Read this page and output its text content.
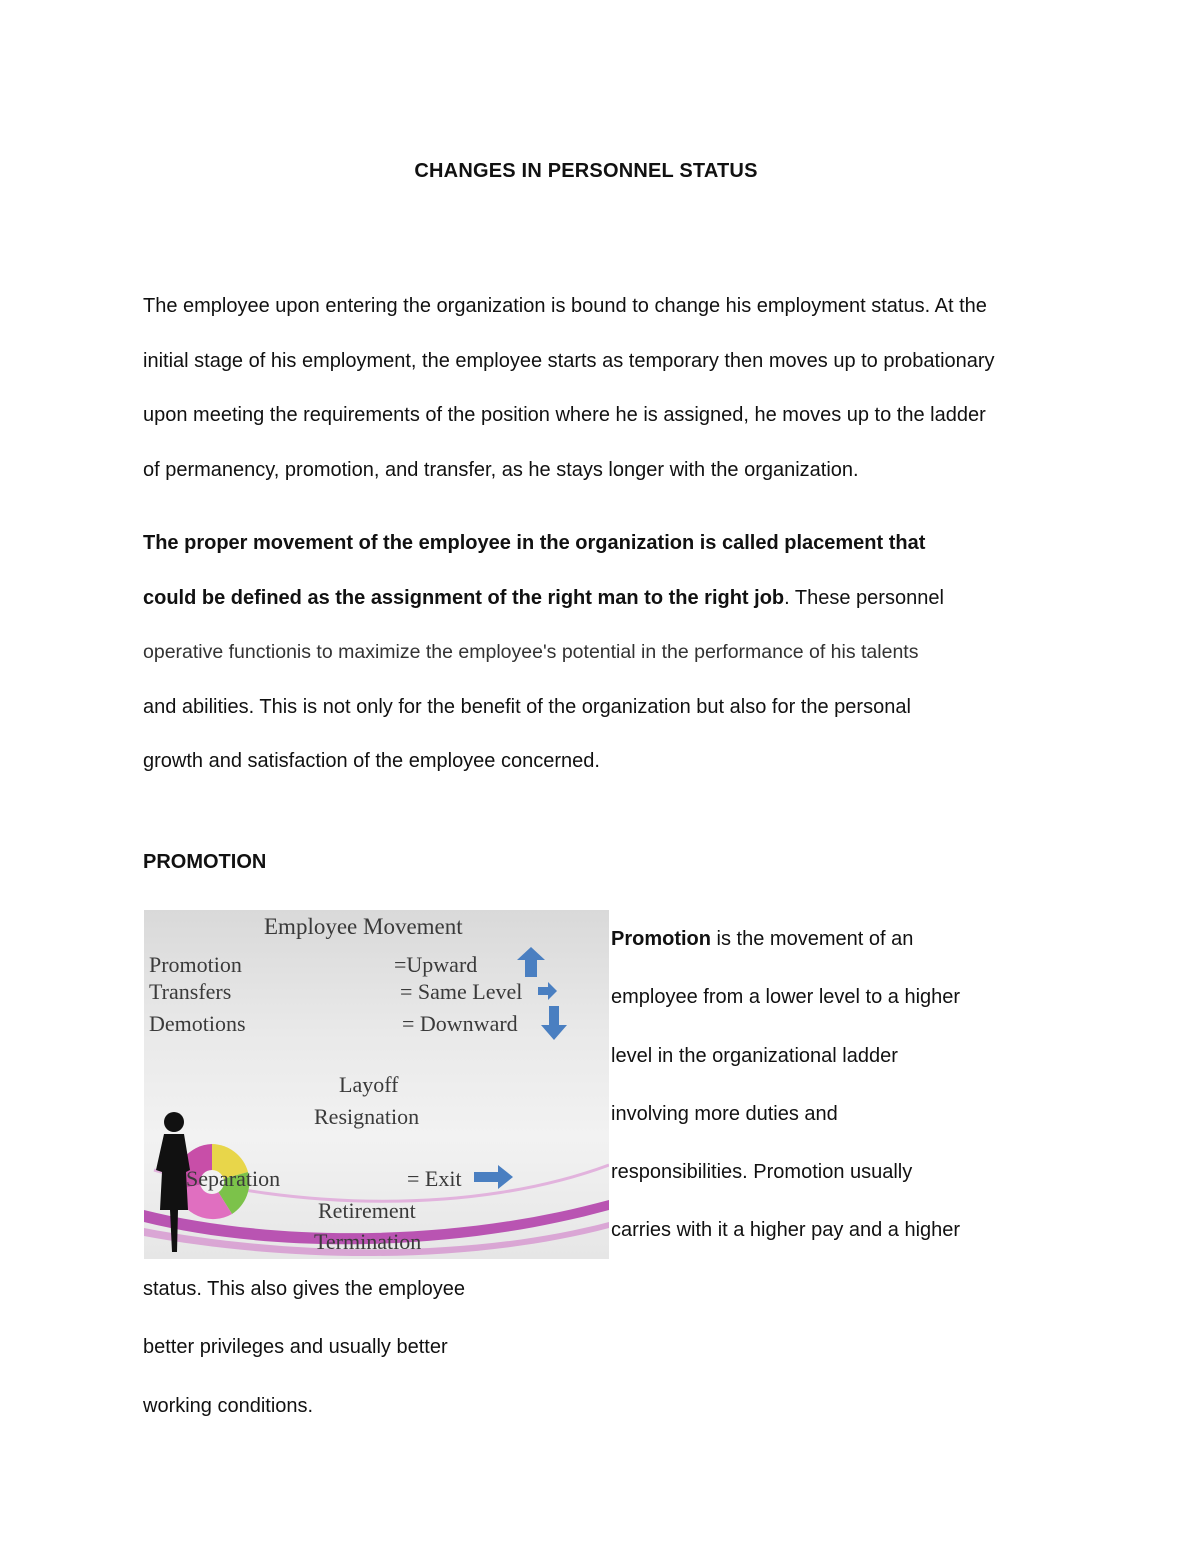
CHANGES IN PERSONNEL STATUS
The employee upon entering the organization is bound to change his employment status. At the
initial stage of his employment, the employee starts as temporary then moves up to probationary
upon meeting the requirements of the position where he is assigned, he moves up to the ladder
of permanency, promotion, and transfer, as he stays longer with the organization.
The proper movement of the employee in the organization is called placement that
could be defined as the assignment of the right man to the right job. These personnel
operative functionis to maximize the employee's potential in the performance of his talents
and abilities. This is not only for the benefit of the organization but also for the personal
growth and satisfaction of the employee concerned.
PROMOTION
Employee Movement
Promotion	=Upward
Transfers	= Same Level
Demotions	= Downward
Layoff
Resignation
Separation	= Exit
Retirement
Termination
Promotion is the movement of an
employee from a lower level to a higher
level in the organizational ladder
involving more duties and
responsibilities. Promotion usually
carries with it a higher pay and a higher
status. This also gives the employee
better privileges and usually better
working conditions.
